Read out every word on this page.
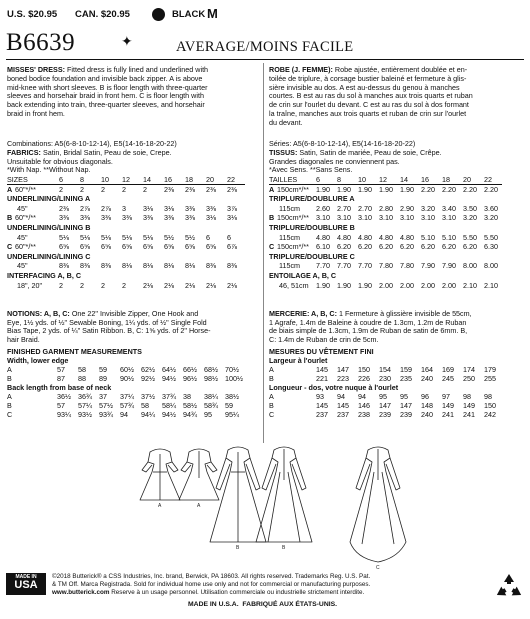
U.S. $20.95 CAN. $20.95	BLACK M
B6639	✦	AVERAGE/MOINS FACILE
MISSES' DRESS: Fitted dress is fully lined and underlined with
boned bodice foundation and invisible back zipper. A is above
mid-knee with short sleeves. B is floor length with three-quarter
sleeves and horsehair braid in front hem. C is floor length with
back extending into train, three-quarter sleeves, and horsehair
braid in front hem.
Combinations: A5(6-8-10-12-14), E5(14-16-18-20-22)
FABRICS: Satin, Bridal Satin, Peau de soie, Crepe.
Unsuitable for obvious diagonals.
*With Nap. **Without Nap.
SIZES	6 8 10 12 14 16 18 20 22
A 60"*/**	2 2 2 2 2 2⅜ 2⅜ 2⅜ 2⅜
UNDERLINING/LINING A
45"	2⅜ 2⅞ 2⅞ 3 3⅛ 3⅛ 3⅜ 3⅜ 3⅞
B 60"*/**	3⅜ 3⅜ 3⅜ 3⅜ 3⅜ 3⅜ 3⅜ 3⅛ 3⅛
UNDERLINING/LINING B
45"	5⅛ 5⅛ 5⅛ 5⅛ 5⅛ 5½ 5½ 6 6
C 60"*/**	6⅝ 6⅝ 6⅝ 6⅝ 6⅝ 6⅝ 6⅝ 6⅝ 6⅞
UNDERLINING/LINING C
45"	8⅜ 8⅜ 8⅜ 8⅛ 8⅛ 8⅛ 8⅛ 8⅜ 8⅜
INTERFACING A, B, C
18", 20" 2 2 2 2 2⅛ 2⅛ 2⅛ 2⅛ 2⅛
NOTIONS: A, B, C: One 22" Invisible Zipper, One Hook and
Eye, 1½ yds. of ½" Sewable Boning, 1¼ yds. of ½" Single Fold
Bias Tape, 2 yds. of ¼" Satin Ribbon. B, C: 1⅝ yds. of 2" Horse-
hair Braid.
FINISHED GARMENT MEASUREMENTS
Width, lower edge
A	57 58 59 60½ 62½ 64½ 66½ 68½ 70½
B	87 88 89 90½ 92½ 94½ 96½ 98½ 100½
Back length from base of neck
A	36½ 36¾ 37 37¼ 37½ 37¾ 38 38¼ 38½
B	57 57¼ 57½ 57¾ 58 58¼ 58½ 58¾ 59
C	93¼ 93½ 93¾ 94 94¼ 94½ 94¾ 95 95¼
ROBE (J. FEMME): Robe ajustée, entièrement doublée et en-
toilée de triplure, à corsage bustier baleiné et fermeture à glis-
sière invisible au dos. A est au-dessus du genou à manches
courtes. B est au ras du sol à manches aux trois quarts et ruban
de crin sur l'ourlet du devant. C est au ras du sol à dos formant
la traîne, manches aux trois quarts et ruban de crin sur l'ourlet
du devant.
Séries: A5(6-8-10-12-14), E5(14-16-18-20-22)
TISSUS: Satin, Satin de mariée, Peau de soie, Crêpe.
Grandes diagonales ne conviennent pas.
*Avec Sens. **Sans Sens.
TAILLES	6 8 10 12 14 16 18 20 22
A 150cm*/** 1.90 1.90 1.90 1.90 1.90 2.20 2.20 2.20 2.20
TRIPLURE/DOUBLURE A
115cm 2.60 2.70 2.70 2.80 2.90 3.20 3.40 3.50 3.60
B 150cm*/** 3.10 3.10 3.10 3.10 3.10 3.10 3.10 3.20 3.20
TRIPLURE/DOUBLURE B
115cm 4.80 4.80 4.80 4.80 4.80 5.10 5.10 5.50 5.50
C 150cm*/** 6.10 6.20 6.20 6.20 6.20 6.20 6.20 6.20 6.30
TRIPLURE/DOUBLURE C
115cm 7.70 7.70 7.70 7.80 7.80 7.90 7.90 8.00 8.00
ENTOILAGE A, B, C
46, 51cm 1.90 1.90 1.90 2.00 2.00 2.00 2.00 2.10 2.10
MERCERIE: A, B, C: 1 Fermeture à glissière invisible de 55cm,
1 Agrafe, 1.4m de Baleine à coudre de 1.3cm, 1.2m de Ruban
de biais simple de 1.3cm, 1.9m de Ruban de satin de 6mm. B,
C: 1.4m de Ruban de crin de 5cm.
MESURES DU VÊTEMENT FINI
Largeur à l'ourlet
A	145 147 150 154 159 164 169 174 179
B	221 223 226 230 235 240 245 250 255
Longueur - dos, votre nuque à l'ourlet
A	93 94 94 95 95 96 97 98 98
B	145 145 146 147 147 148 149 149 150
C	237 237 238 239 239 240 241 241 242
A	A
B	B
C
MADE IN
USA
©2018 Butterick® a CSS Industries, Inc. brand, Berwick, PA 18603. All rights reserved. Trademarks Reg. U.S. Pat.
& TM Off. Marca Registrada. Sold for individual home use only and not for commercial or manufacturing purposes.
www.butterick.com Reserve à un usage personnel. Utilisation commerciale ou industrielle strictement interdite.
MADE IN U.S.A.  FABRIQUÉ AUX ÉTATS-UNIS.
